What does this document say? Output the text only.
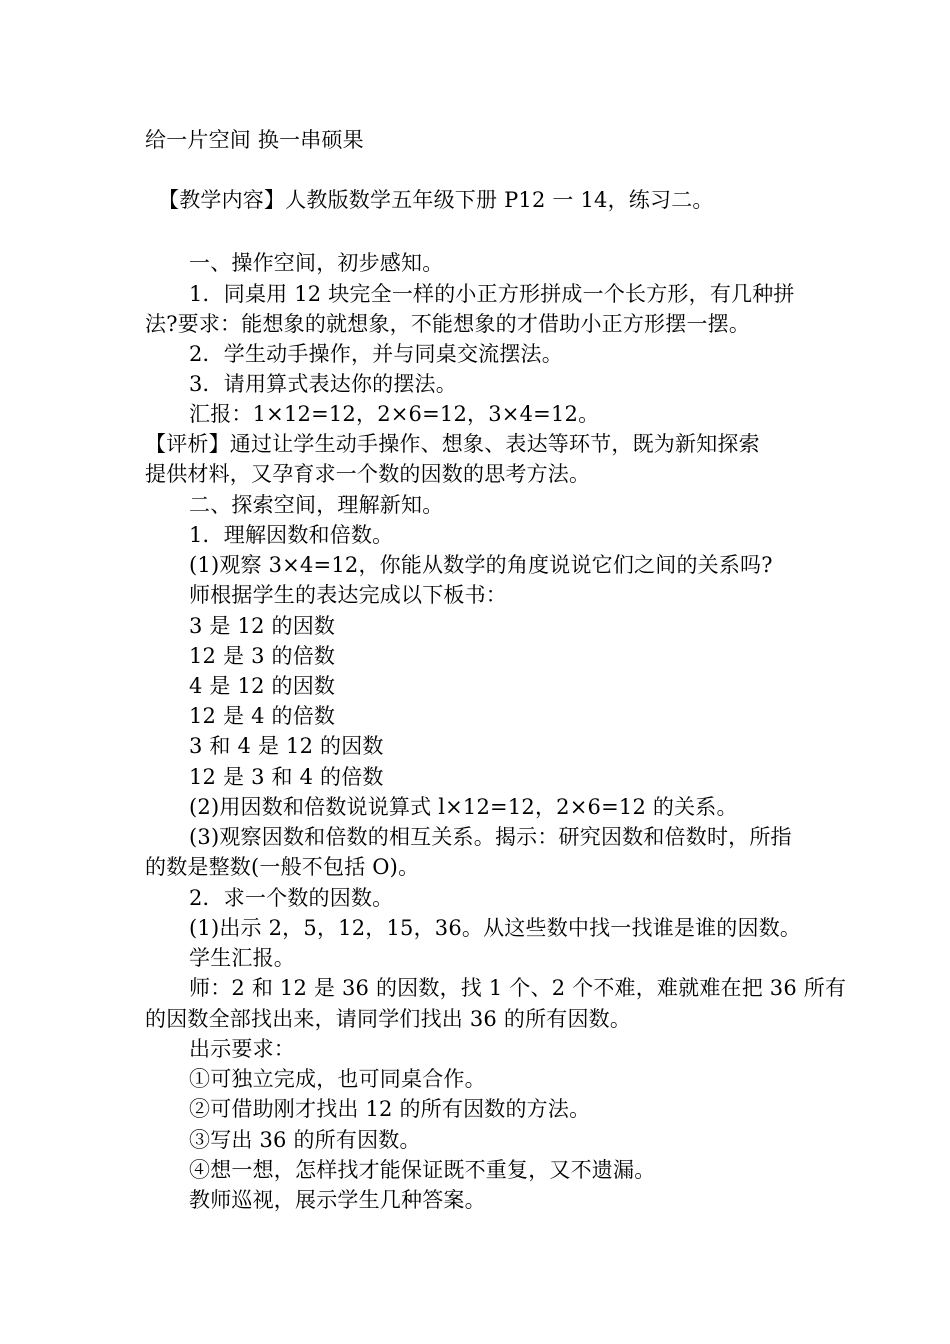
给一片空间 换一串硕果
【教学内容】人教版数学五年级下册 P12 一 14，练习二。
一、操作空间，初步感知。
1．同桌用 12 块完全一样的小正方形拼成一个长方形，有几种拼
法?要求：能想象的就想象，不能想象的才借助小正方形摆一摆。
2．学生动手操作，并与同桌交流摆法。
3．请用算式表达你的摆法。
汇报：1×12=12，2×6=12，3×4=12。
【评析】通过让学生动手操作、想象、表达等环节，既为新知探索
提供材料，又孕育求一个数的因数的思考方法。
二、探索空间，理解新知。
1．理解因数和倍数。
(1)观察 3×4=12，你能从数学的角度说说它们之间的关系吗?
师根据学生的表达完成以下板书：
3 是 12 的因数
12 是 3 的倍数
4 是 12 的因数
12 是 4 的倍数
3 和 4 是 12 的因数
12 是 3 和 4 的倍数
(2)用因数和倍数说说算式 l×12=12，2×6=12 的关系。
(3)观察因数和倍数的相互关系。揭示：研究因数和倍数时，所指
的数是整数(一般不包括 O)。
2．求一个数的因数。
(1)出示 2，5，12，15，36。从这些数中找一找谁是谁的因数。
学生汇报。
师：2 和 12 是 36 的因数，找 1 个、2 个不难，难就难在把 36 所有
的因数全部找出来，请同学们找出 36 的所有因数。
出示要求：
①可独立完成，也可同桌合作。
②可借助刚才找出 12 的所有因数的方法。
③写出 36 的所有因数。
④想一想，怎样找才能保证既不重复，又不遗漏。
教师巡视，展示学生几种答案。
